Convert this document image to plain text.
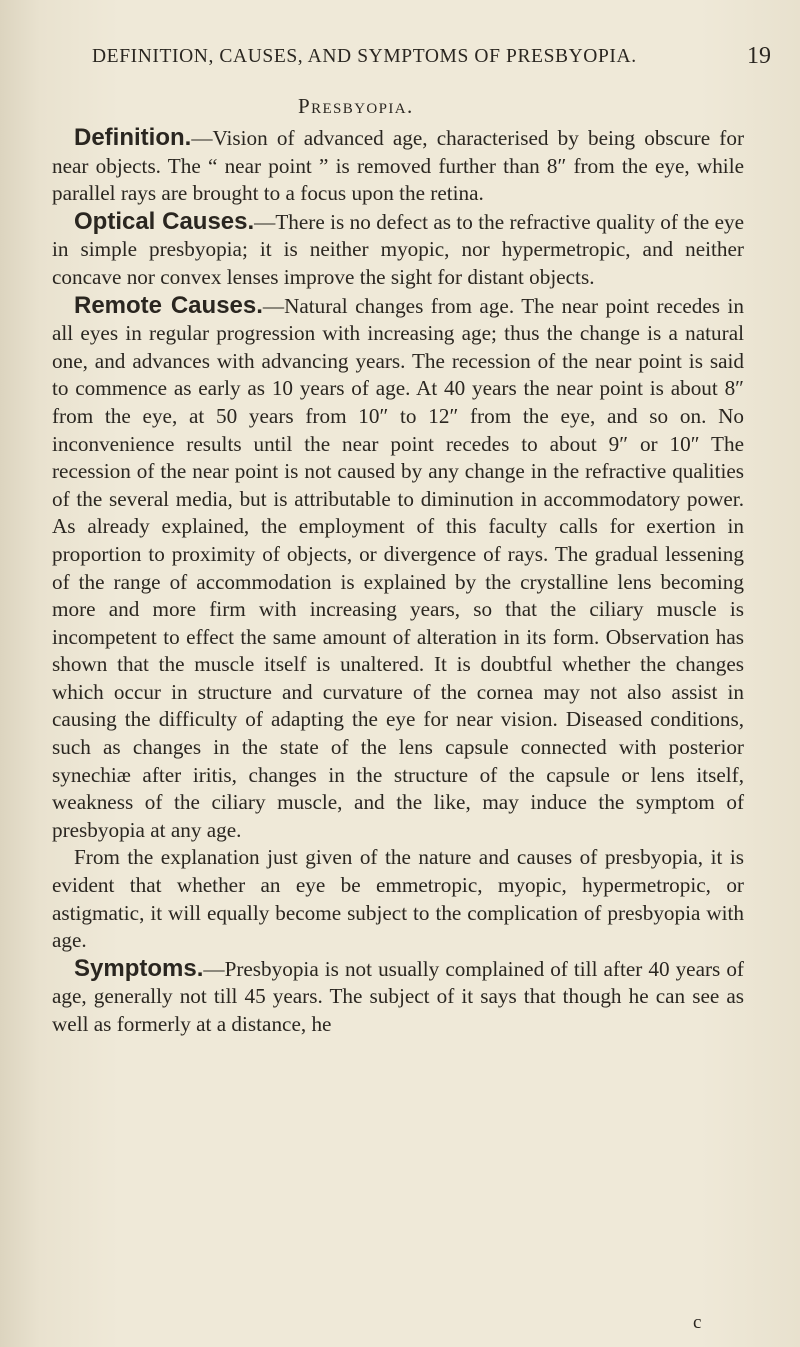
DEFINITION, CAUSES, AND SYMPTOMS OF PRESBYOPIA.	19
Presbyopia.

Definition.—Vision of advanced age, characterised by being obscure for near objects. The “ near point ” is removed further than 8″ from the eye, while parallel rays are brought to a focus upon the retina.

Optical Causes.—There is no defect as to the refractive quality of the eye in simple presbyopia; it is neither myopic, nor hypermetropic, and neither concave nor convex lenses improve the sight for distant objects.

Remote Causes.—Natural changes from age. The near point recedes in all eyes in regular progression with increasing age; thus the change is a natural one, and advances with advancing years. The recession of the near point is said to commence as early as 10 years of age. At 40 years the near point is about 8″ from the eye, at 50 years from 10″ to 12″ from the eye, and so on. No inconvenience results until the near point recedes to about 9″ or 10″ The recession of the near point is not caused by any change in the refractive qualities of the several media, but is attributable to diminution in accommodatory power. As already explained, the employment of this faculty calls for exertion in proportion to proximity of objects, or divergence of rays. The gradual lessening of the range of accommodation is explained by the crystalline lens becoming more and more firm with increasing years, so that the ciliary muscle is incompetent to effect the same amount of alteration in its form. Observation has shown that the muscle itself is unaltered. It is doubtful whether the changes which occur in structure and curvature of the cornea may not also assist in causing the difficulty of adapting the eye for near vision. Diseased conditions, such as changes in the state of the lens capsule connected with posterior synechiæ after iritis, changes in the structure of the capsule or lens itself, weakness of the ciliary muscle, and the like, may induce the symptom of presbyopia at any age.

From the explanation just given of the nature and causes of presbyopia, it is evident that whether an eye be emmetropic, myopic, hypermetropic, or astigmatic, it will equally become subject to the complication of presbyopia with age.

Symptoms.—Presbyopia is not usually complained of till after 40 years of age, generally not till 45 years. The subject of it says that though he can see as well as formerly at a distance, he

c
